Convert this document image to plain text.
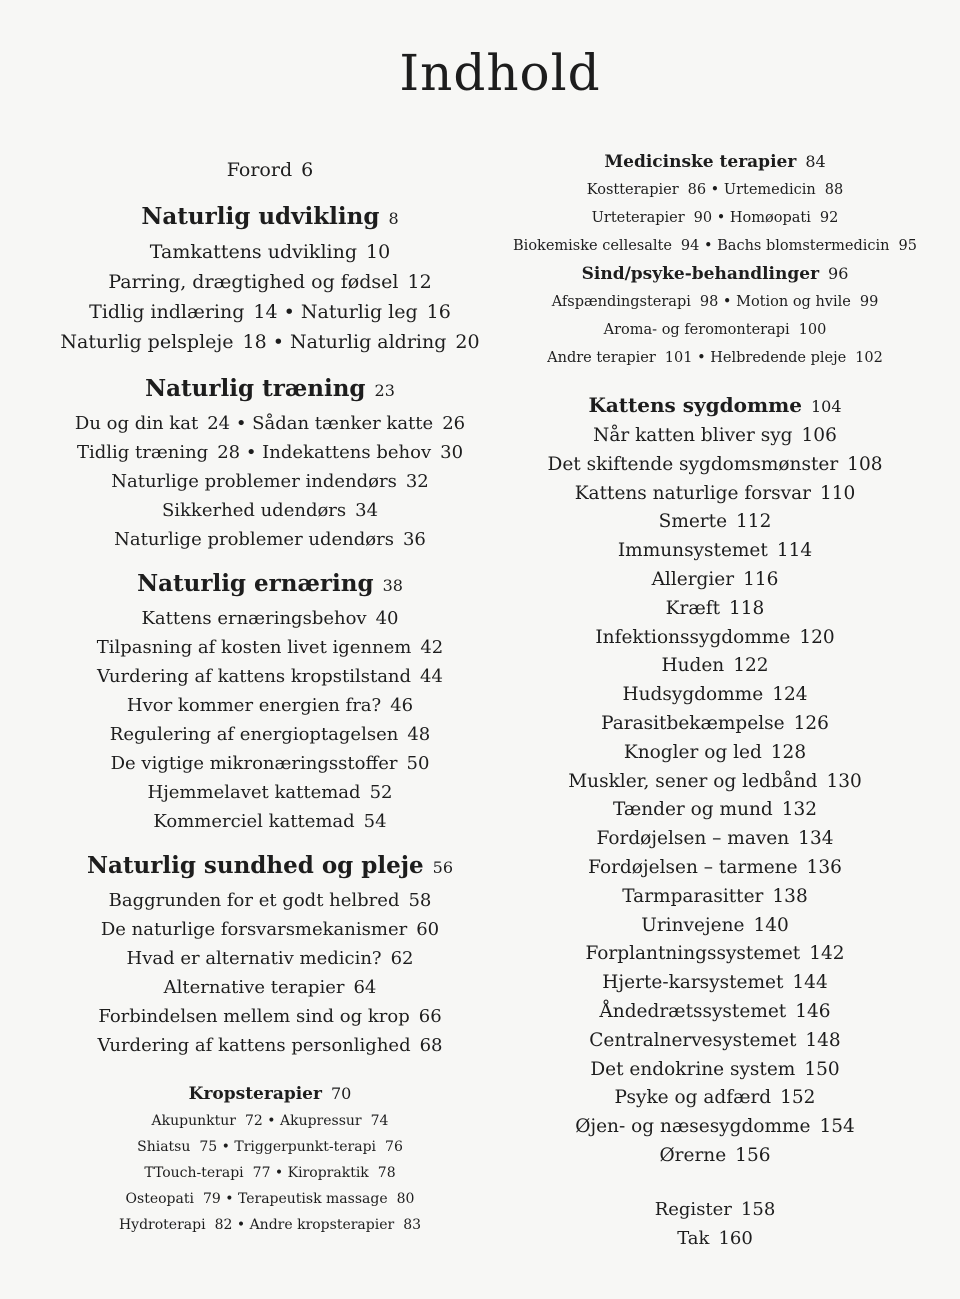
Indhold
Forord 6
Naturlig udvikling 8
Tamkattens udvikling 10
Parring, drægtighed og fødsel 12
Tidlig indlæring 14 • Naturlig leg 16
Naturlig pelspleje 18 • Naturlig aldring 20
Naturlig træning 23
Du og din kat 24 • Sådan tænker katte 26
Tidlig træning 28 • Indekattens behov 30
Naturlige problemer indendørs 32
Sikkerhed udendørs 34
Naturlige problemer udendørs 36
Naturlig ernæring 38
Kattens ernæringsbehov 40
Tilpasning af kosten livet igennem 42
Vurdering af kattens kropstilstand 44
Hvor kommer energien fra? 46
Regulering af energioptagelsen 48
De vigtige mikronæringsstoffer 50
Hjemmelavet kattemad 52
Kommerciel kattemad 54
Naturlig sundhed og pleje 56
Baggrunden for et godt helbred 58
De naturlige forsvarsmekanismer 60
Hvad er alternativ medicin? 62
Alternative terapier 64
Forbindelsen mellem sind og krop 66
Vurdering af kattens personlighed 68
Kropsterapier 70
Akupunktur 72 • Akupressur 74
Shiatsu 75 • Triggerpunkt-terapi 76
TTouch-terapi 77 • Kiropraktik 78
Osteopati 79 • Terapeutisk massage 80
Hydroterapi 82 • Andre kropsterapier 83
Medicinske terapier 84
Kostterapier 86 • Urtemedicin 88
Urteterapier 90 • Homøopati 92
Biokemiske cellesalte 94 • Bachs blomstermedicin 95
Sind/psyke-behandlinger 96
Afspændingsterapi 98 • Motion og hvile 99
Aroma- og feromonterapi 100
Andre terapier 101 • Helbredende pleje 102
Kattens sygdomme 104
Når katten bliver syg 106
Det skiftende sygdomsmønster 108
Kattens naturlige forsvar 110
Smerte 112
Immunsystemet 114
Allergier 116
Kræft 118
Infektionssygdomme 120
Huden 122
Hudsygdomme 124
Parasitbekæmpelse 126
Knogler og led 128
Muskler, sener og ledbånd 130
Tænder og mund 132
Fordøjelsen – maven 134
Fordøjelsen – tarmene 136
Tarmparasitter 138
Urinvejene 140
Forplantningssystemet 142
Hjerte-karsystemet 144
Åndedrætssystemet 146
Centralnervesystemet 148
Det endokrine system 150
Psyke og adfærd 152
Øjen- og næsesygdomme 154
Ørerne 156
Register 158
Tak 160
